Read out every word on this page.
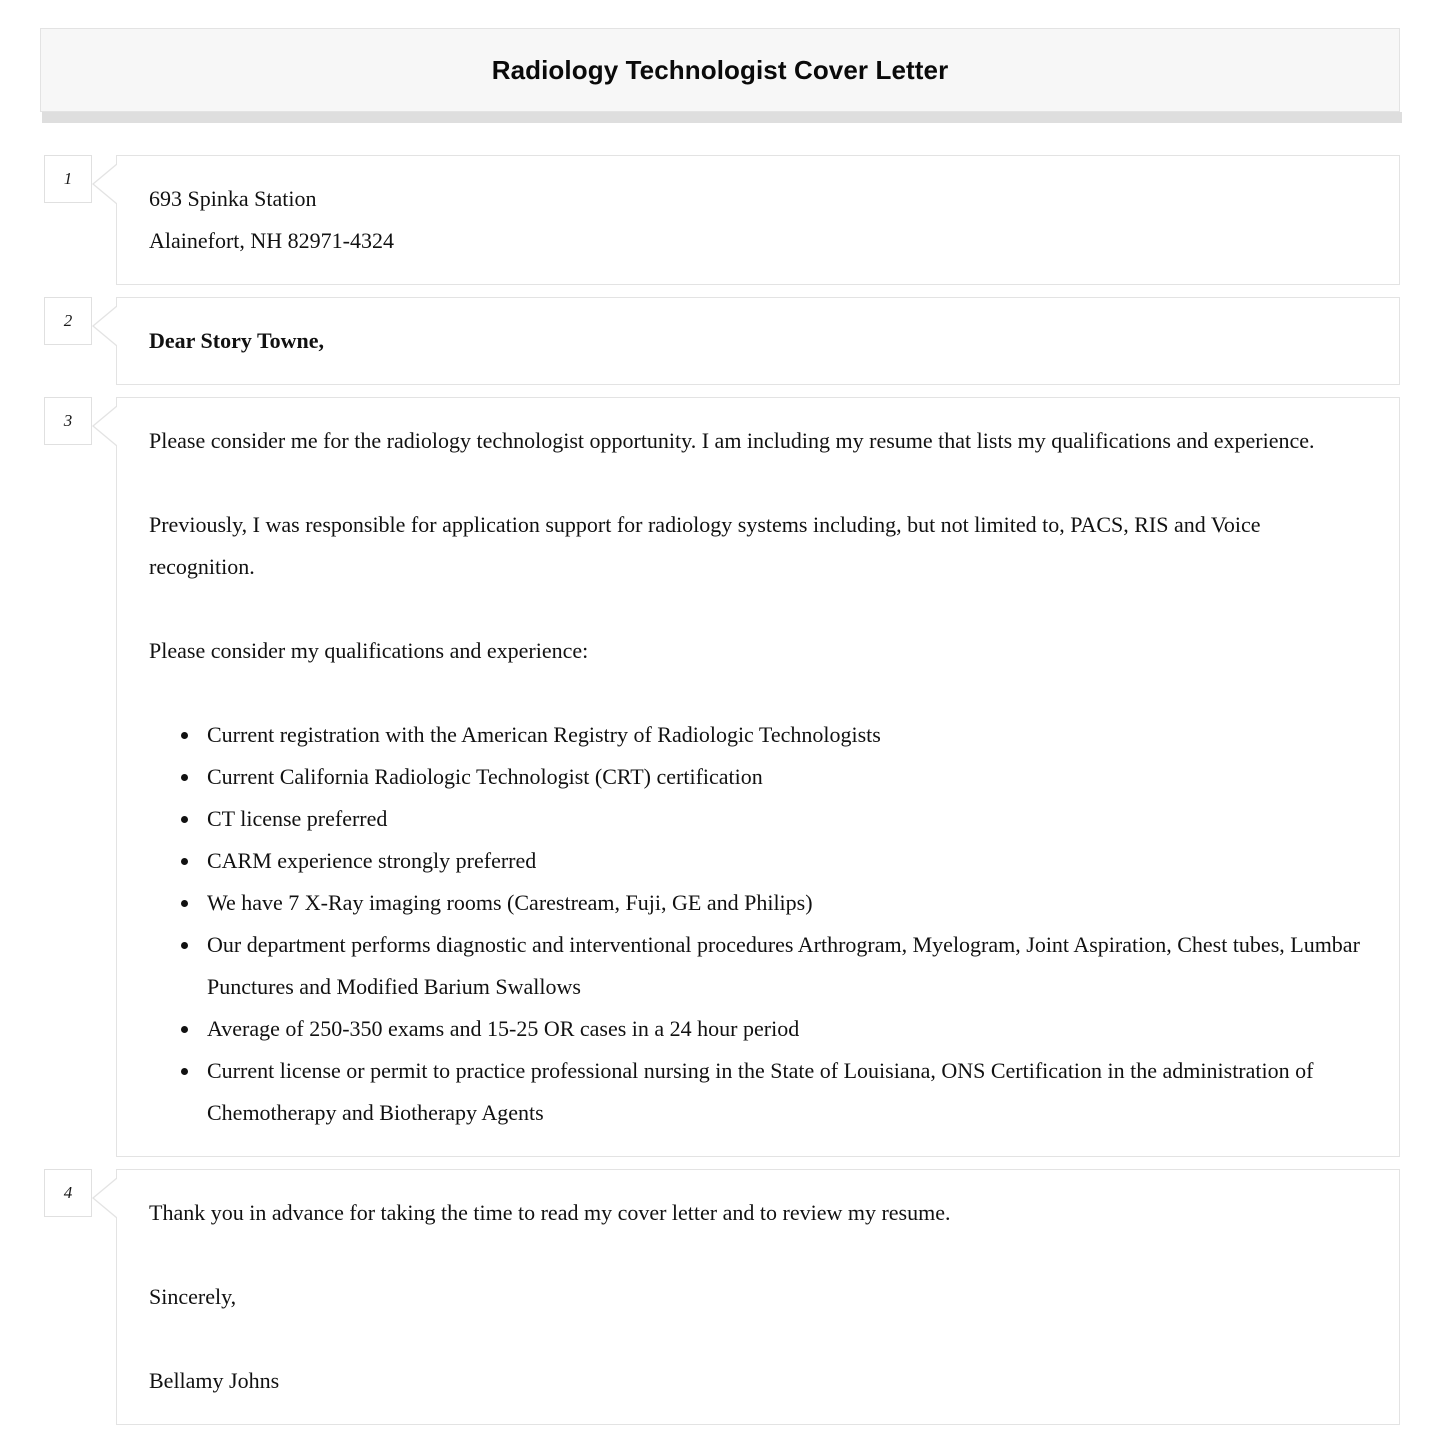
Radiology Technologist Cover Letter
1
693 Spinka Station
Alainefort, NH 82971-4324
2
Dear Story Towne,
3

Please consider me for the radiology technologist opportunity. I am including my resume that lists my qualifications and experience.

Previously, I was responsible for application support for radiology systems including, but not limited to, PACS, RIS and Voice recognition.

Please consider my qualifications and experience:

• Current registration with the American Registry of Radiologic Technologists
• Current California Radiologic Technologist (CRT) certification
• CT license preferred
• CARM experience strongly preferred
• We have 7 X-Ray imaging rooms (Carestream, Fuji, GE and Philips)
• Our department performs diagnostic and interventional procedures Arthrogram, Myelogram, Joint Aspiration, Chest tubes, Lumbar Punctures and Modified Barium Swallows
• Average of 250-350 exams and 15-25 OR cases in a 24 hour period
• Current license or permit to practice professional nursing in the State of Louisiana, ONS Certification in the administration of Chemotherapy and Biotherapy Agents
4

Thank you in advance for taking the time to read my cover letter and to review my resume.

Sincerely,

Bellamy Johns
